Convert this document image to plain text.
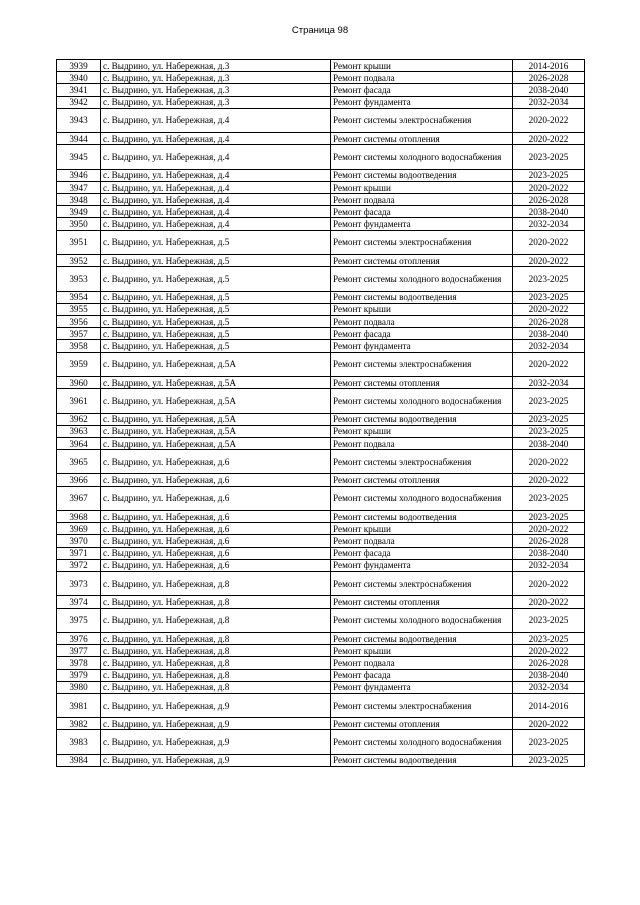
Страница 98
3939	с. Выдрино, ул. Набережная, д.3	Ремонт крыши	2014-2016
3940	с. Выдрино, ул. Набережная, д.3	Ремонт подвала	2026-2028
3941	с. Выдрино, ул. Набережная, д.3	Ремонт фасада	2038-2040
3942	с. Выдрино, ул. Набережная, д.3	Ремонт фундамента	2032-2034
3943	с. Выдрино, ул. Набережная, д.4	Ремонт системы электроснабжения	2020-2022
3944	с. Выдрино, ул. Набережная, д.4	Ремонт системы отопления	2020-2022
3945	с. Выдрино, ул. Набережная, д.4	Ремонт системы холодного водоснабжения	2023-2025
3946	с. Выдрино, ул. Набережная, д.4	Ремонт системы водоотведения	2023-2025
3947	с. Выдрино, ул. Набережная, д.4	Ремонт крыши	2020-2022
3948	с. Выдрино, ул. Набережная, д.4	Ремонт подвала	2026-2028
3949	с. Выдрино, ул. Набережная, д.4	Ремонт фасада	2038-2040
3950	с. Выдрино, ул. Набережная, д.4	Ремонт фундамента	2032-2034
3951	с. Выдрино, ул. Набережная, д.5	Ремонт системы электроснабжения	2020-2022
3952	с. Выдрино, ул. Набережная, д.5	Ремонт системы отопления	2020-2022
3953	с. Выдрино, ул. Набережная, д.5	Ремонт системы холодного водоснабжения	2023-2025
3954	с. Выдрино, ул. Набережная, д.5	Ремонт системы водоотведения	2023-2025
3955	с. Выдрино, ул. Набережная, д.5	Ремонт крыши	2020-2022
3956	с. Выдрино, ул. Набережная, д.5	Ремонт подвала	2026-2028
3957	с. Выдрино, ул. Набережная, д.5	Ремонт фасада	2038-2040
3958	с. Выдрино, ул. Набережная, д.5	Ремонт фундамента	2032-2034
3959	с. Выдрино, ул. Набережная, д.5А	Ремонт системы электроснабжения	2020-2022
3960	с. Выдрино, ул. Набережная, д.5А	Ремонт системы отопления	2032-2034
3961	с. Выдрино, ул. Набережная, д.5А	Ремонт системы холодного водоснабжения	2023-2025
3962	с. Выдрино, ул. Набережная, д.5А	Ремонт системы водоотведения	2023-2025
3963	с. Выдрино, ул. Набережная, д.5А	Ремонт крыши	2023-2025
3964	с. Выдрино, ул. Набережная, д.5А	Ремонт подвала	2038-2040
3965	с. Выдрино, ул. Набережная, д.6	Ремонт системы электроснабжения	2020-2022
3966	с. Выдрино, ул. Набережная, д.6	Ремонт системы отопления	2020-2022
3967	с. Выдрино, ул. Набережная, д.6	Ремонт системы холодного водоснабжения	2023-2025
3968	с. Выдрино, ул. Набережная, д.6	Ремонт системы водоотведения	2023-2025
3969	с. Выдрино, ул. Набережная, д.6	Ремонт крыши	2020-2022
3970	с. Выдрино, ул. Набережная, д.6	Ремонт подвала	2026-2028
3971	с. Выдрино, ул. Набережная, д.6	Ремонт фасада	2038-2040
3972	с. Выдрино, ул. Набережная, д.6	Ремонт фундамента	2032-2034
3973	с. Выдрино, ул. Набережная, д.8	Ремонт системы электроснабжения	2020-2022
3974	с. Выдрино, ул. Набережная, д.8	Ремонт системы отопления	2020-2022
3975	с. Выдрино, ул. Набережная, д.8	Ремонт системы холодного водоснабжения	2023-2025
3976	с. Выдрино, ул. Набережная, д.8	Ремонт системы водоотведения	2023-2025
3977	с. Выдрино, ул. Набережная, д.8	Ремонт крыши	2020-2022
3978	с. Выдрино, ул. Набережная, д.8	Ремонт подвала	2026-2028
3979	с. Выдрино, ул. Набережная, д.8	Ремонт фасада	2038-2040
3980	с. Выдрино, ул. Набережная, д.8	Ремонт фундамента	2032-2034
3981	с. Выдрино, ул. Набережная, д.9	Ремонт системы электроснабжения	2014-2016
3982	с. Выдрино, ул. Набережная, д.9	Ремонт системы отопления	2020-2022
3983	с. Выдрино, ул. Набережная, д.9	Ремонт системы холодного водоснабжения	2023-2025
3984	с. Выдрино, ул. Набережная, д.9	Ремонт системы водоотведения	2023-2025
